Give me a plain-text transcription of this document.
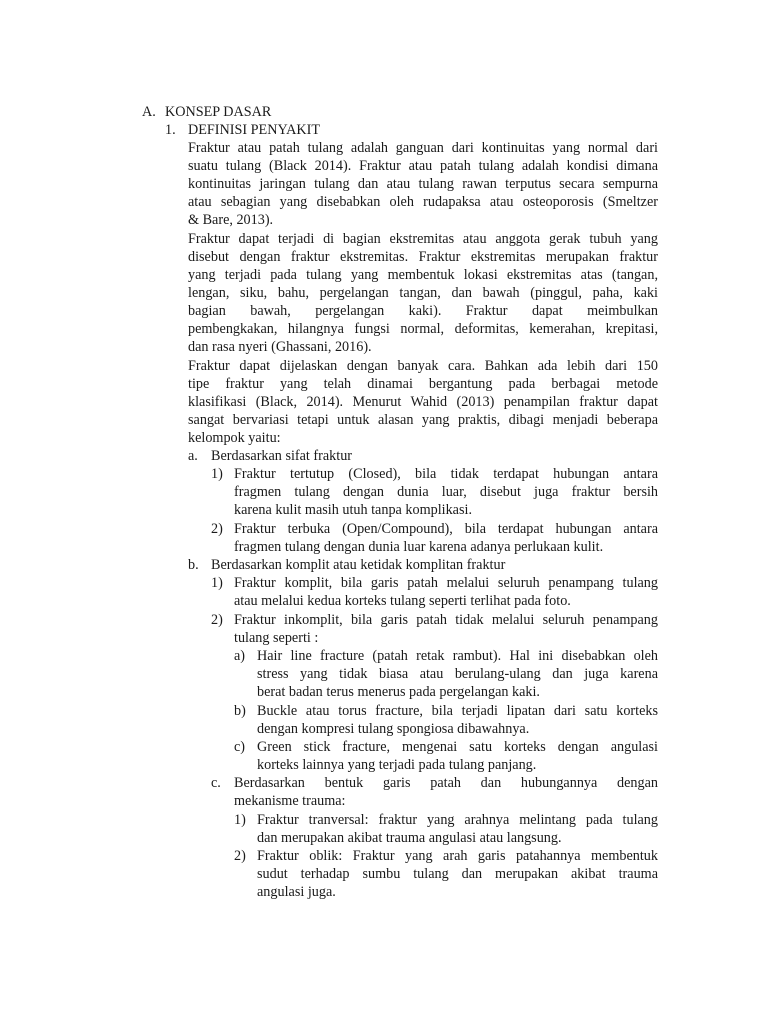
A. KONSEP DASAR
1. DEFINISI PENYAKIT
Fraktur atau patah tulang adalah ganguan dari kontinuitas yang normal dari
suatu tulang (Black 2014). Fraktur atau patah tulang adalah kondisi dimana
kontinuitas jaringan tulang dan atau tulang rawan terputus secara sempurna
atau sebagian yang disebabkan oleh rudapaksa atau osteoporosis (Smeltzer
& Bare, 2013).
Fraktur dapat terjadi di bagian ekstremitas atau anggota gerak tubuh yang
disebut dengan fraktur ekstremitas. Fraktur ekstremitas merupakan fraktur
yang terjadi pada tulang yang membentuk lokasi ekstremitas atas (tangan,
lengan, siku, bahu, pergelangan tangan, dan bawah (pinggul, paha, kaki
bagian bawah, pergelangan kaki). Fraktur dapat meimbulkan
pembengkakan, hilangnya fungsi normal, deformitas, kemerahan, krepitasi,
dan rasa nyeri (Ghassani, 2016).
Fraktur dapat dijelaskan dengan banyak cara. Bahkan ada lebih dari 150
tipe fraktur yang telah dinamai bergantung pada berbagai metode
klasifikasi (Black, 2014). Menurut Wahid (2013) penampilan fraktur dapat
sangat bervariasi tetapi untuk alasan yang praktis, dibagi menjadi beberapa
kelompok yaitu:
a. Berdasarkan sifat fraktur
1) Fraktur tertutup (Closed), bila tidak terdapat hubungan antara
fragmen tulang dengan dunia luar, disebut juga fraktur bersih
karena kulit masih utuh tanpa komplikasi.
2) Fraktur terbuka (Open/Compound), bila terdapat hubungan antara
fragmen tulang dengan dunia luar karena adanya perlukaan kulit.
b. Berdasarkan komplit atau ketidak komplitan fraktur
1) Fraktur komplit, bila garis patah melalui seluruh penampang tulang
atau melalui kedua korteks tulang seperti terlihat pada foto.
2) Fraktur inkomplit, bila garis patah tidak melalui seluruh penampang
tulang seperti :
a) Hair line fracture (patah retak rambut). Hal ini disebabkan oleh
stress yang tidak biasa atau berulang-ulang dan juga karena
berat badan terus menerus pada pergelangan kaki.
b) Buckle atau torus fracture, bila terjadi lipatan dari satu korteks
dengan kompresi tulang spongiosa dibawahnya.
c) Green stick fracture, mengenai satu korteks dengan angulasi
korteks lainnya yang terjadi pada tulang panjang.
c. Berdasarkan bentuk garis patah dan hubungannya dengan
mekanisme trauma:
1) Fraktur tranversal: fraktur yang arahnya melintang pada tulang
dan merupakan akibat trauma angulasi atau langsung.
2) Fraktur oblik: Fraktur yang arah garis patahannya membentuk
sudut terhadap sumbu tulang dan merupakan akibat trauma
angulasi juga.
